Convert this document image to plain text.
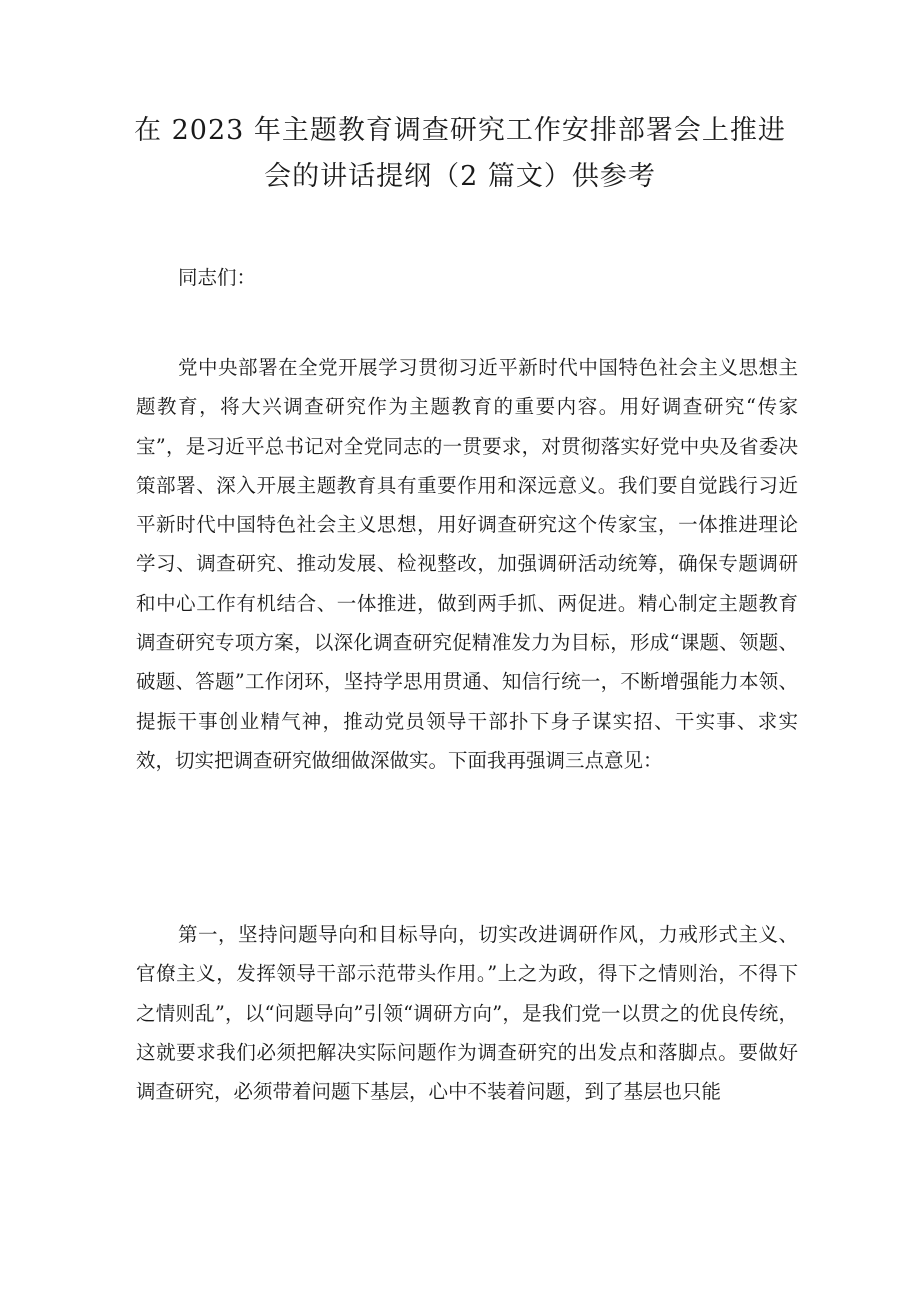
在 2023 年主题教育调查研究工作安排部署会上推进
会的讲话提纲（2 篇文）供参考
同志们：

党中央部署在全党开展学习贯彻习近平新时代中国特色社会主义思想主题教育，将大兴调查研究作为主题教育的重要内容。用好调查研究“传家宝”，是习近平总书记对全党同志的一贯要求，对贯彻落实好党中央及省委决策部署、深入开展主题教育具有重要作用和深远意义。我们要自觉践行习近平新时代中国特色社会主义思想，用好调查研究这个传家宝，一体推进理论学习、调查研究、推动发展、检视整改，加强调研活动统筹，确保专题调研和中心工作有机结合、一体推进，做到两手抓、两促进。精心制定主题教育调查研究专项方案，以深化调查研究促精准发力为目标，形成“课题、领题、破题、答题”工作闭环，坚持学思用贯通、知信行统一，不断增强能力本领、提振干事创业精气神，推动党员领导干部扑下身子谋实招、干实事、求实效，切实把调查研究做细做深做实。下面我再强调三点意见：

第一，坚持问题导向和目标导向，切实改进调研作风，力戒形式主义、官僚主义，发挥领导干部示范带头作用。”上之为政，得下之情则治，不得下之情则乱”，以“问题导向”引领“调研方向”，是我们党一以贯之的优良传统，这就要求我们必须把解决实际问题作为调查研究的出发点和落脚点。要做好调查研究，必须带着问题下基层，心中不装着问题，到了基层也只能
